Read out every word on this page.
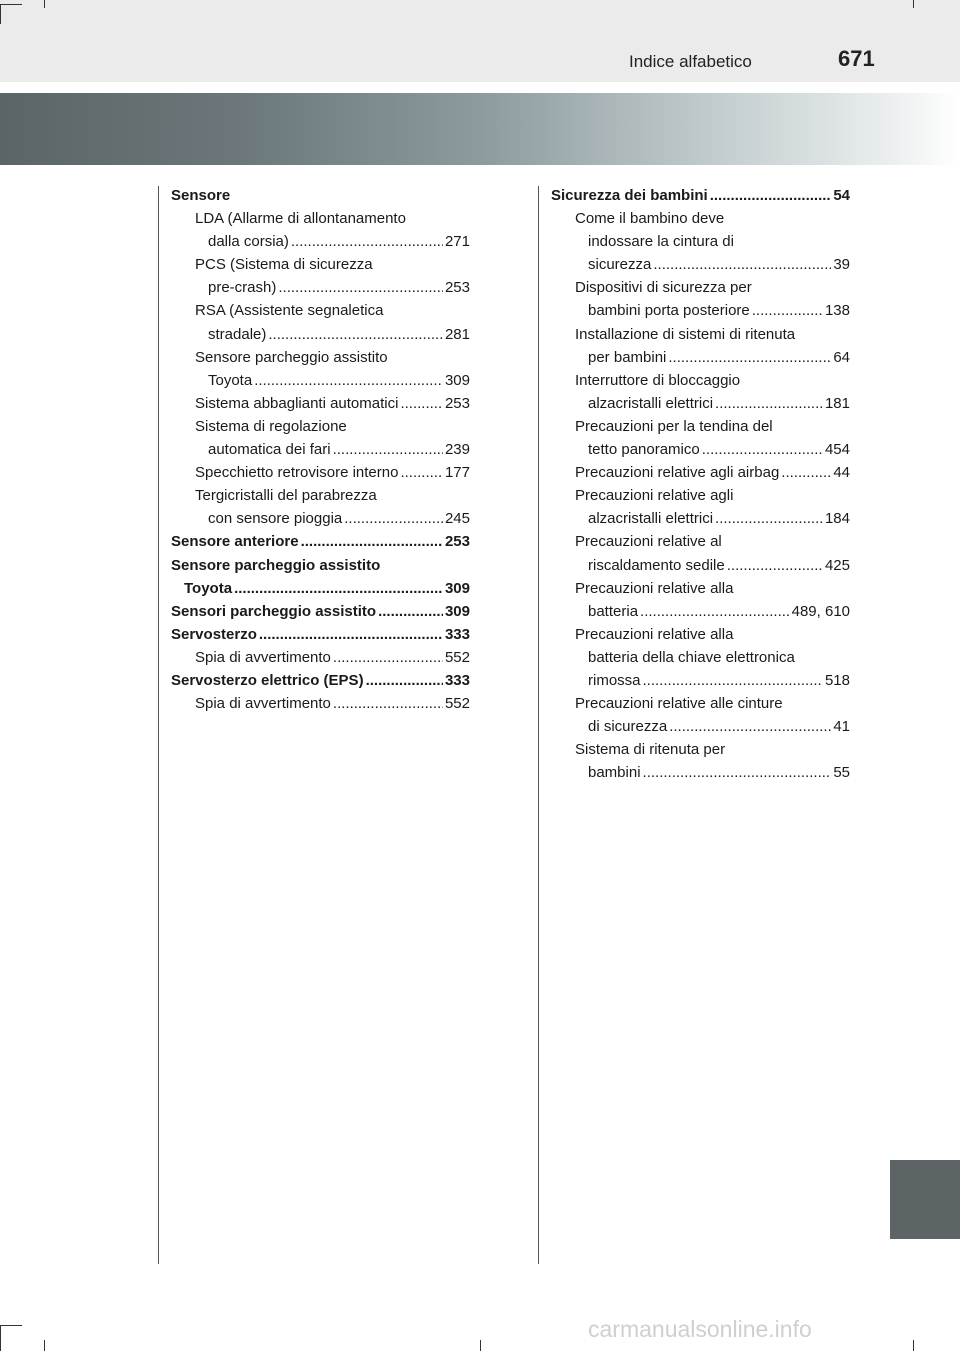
Indice alfabetico	671
Sensore
LDA (Allarme di allontanamento
dalla corsia) .....	271
PCS (Sistema di sicurezza
pre-crash) .....	253
RSA (Assistente segnaletica
stradale) .....	281
Sensore parcheggio assistito
Toyota .....	309
Sistema abbaglianti automatici .....	253
Sistema di regolazione
automatica dei fari .....	239
Specchietto retrovisore interno .....	177
Tergicristalli del parabrezza
con sensore pioggia .....	245
Sensore anteriore .....	253
Sensore parcheggio assistito
Toyota .....	309
Sensori parcheggio assistito .....	309
Servosterzo .....	333
Spia di avvertimento .....	552
Servosterzo elettrico (EPS) .....	333
Spia di avvertimento .....	552
Sicurezza dei bambini .....	54
Come il bambino deve
indossare la cintura di
sicurezza .....	39
Dispositivi di sicurezza per
bambini porta posteriore .....	138
Installazione di sistemi di ritenuta
per bambini .....	64
Interruttore di bloccaggio
alzacristalli elettrici .....	181
Precauzioni per la tendina del
tetto panoramico .....	454
Precauzioni relative agli airbag .....	44
Precauzioni relative agli
alzacristalli elettrici .....	184
Precauzioni relative al
riscaldamento sedile .....	425
Precauzioni relative alla
batteria .....	489, 610
Precauzioni relative alla
batteria della chiave elettronica
rimossa .....	518
Precauzioni relative alle cinture
di sicurezza .....	41
Sistema di ritenuta per
bambini .....	55
carmanualsonline.info
